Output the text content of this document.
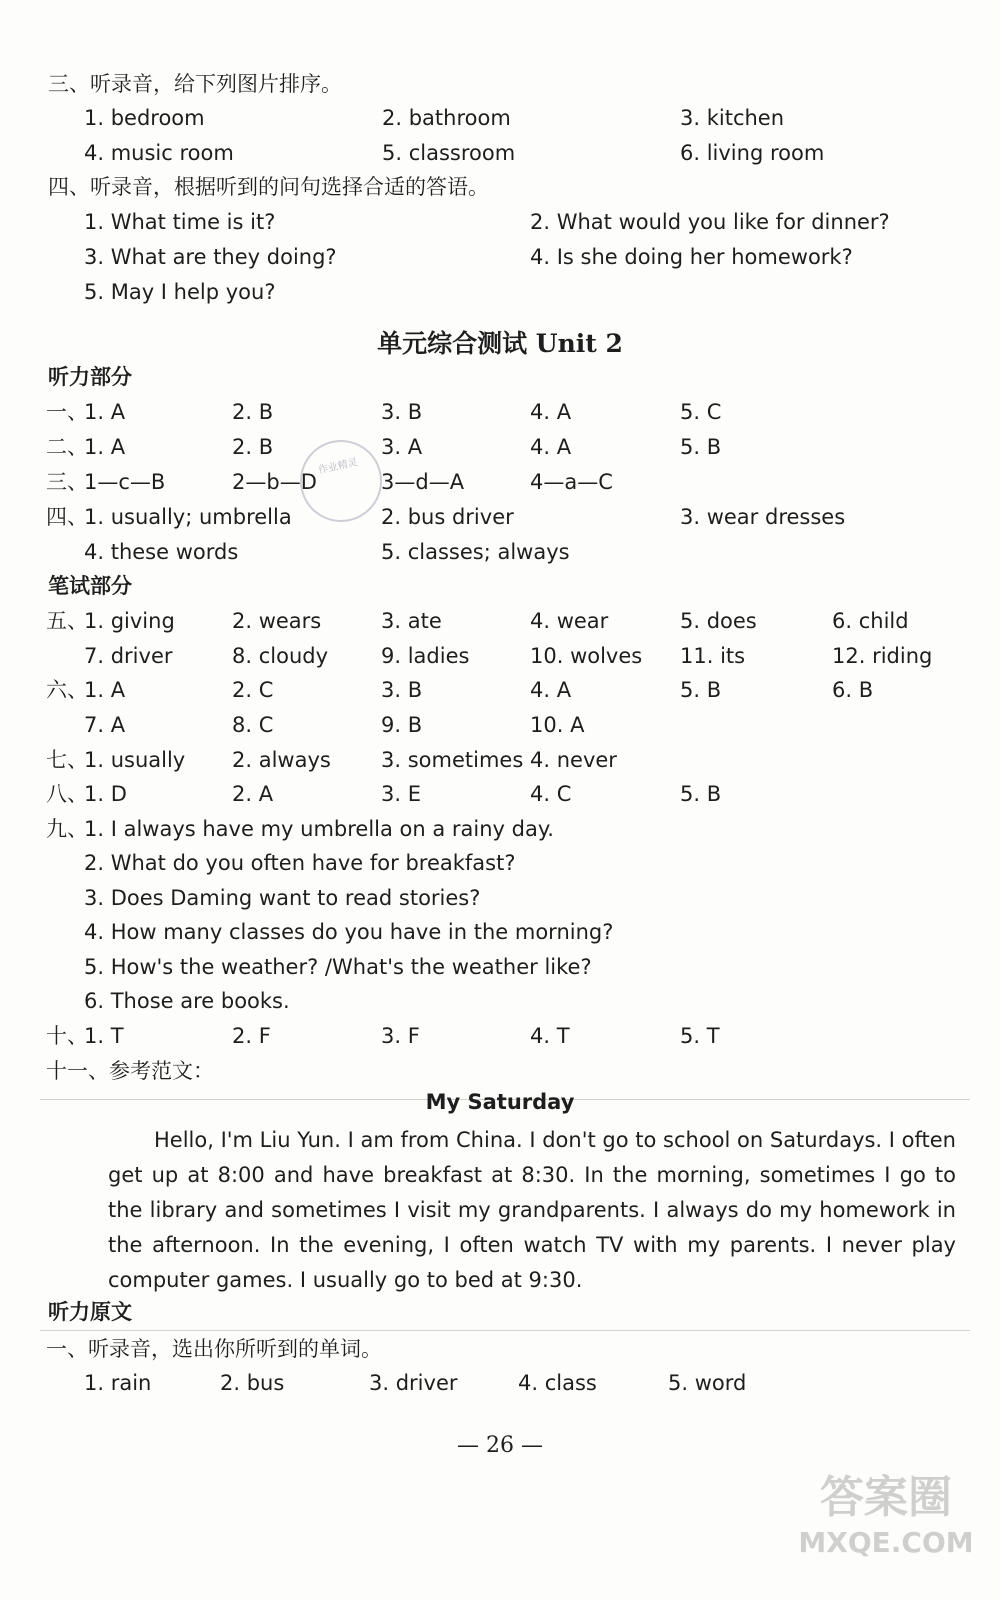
三、听录音，给下列图片排序。
1. bedroom	2. bathroom	3. kitchen
4. music room	5. classroom	6. living room
四、听录音，根据听到的问句选择合适的答语。
1. What time is it?	2. What would you like for dinner?
3. What are they doing?	4. Is she doing her homework?
5. May I help you?
单元综合测试 Unit 2
听力部分
一、
1. A	2. B	3. B	4. A	5. C
二、
1. A	2. B	3. A	4. A	5. B
三、
1—c—B	2—b—D	3—d—A	4—a—C
四、
1. usually; umbrella	2. bus driver	3. wear dresses
4. these words	5. classes; always
作业精灵
笔试部分
五、
1. giving	2. wears	3. ate	4. wear	5. does	6. child
7. driver	8. cloudy	9. ladies	10. wolves 11. its	12. riding
六、
1. A	2. C	3. B	4. A	5. B	6. B
7. A	8. C	9. B	10. A
七、
1. usually 2. always 3. sometimes 4. never
八、
1. D	2. A	3. E	4. C	5. B
九、
1. I always have my umbrella on a rainy day.
2. What do you often have for breakfast?
3. Does Daming want to read stories?
4. How many classes do you have in the morning?
5. How's the weather? /What's the weather like?
6. Those are books.
十、
1. T	2. F	3. F	4. T	5. T
十一、参考范文：
My Saturday
Hello, I'm Liu Yun. I am from China. I don't go to school on Saturdays. I often get up at 8:00 and have breakfast at 8:30. In the morning, sometimes I go to the library and sometimes I visit my grandparents. I always do my homework in the afternoon. In the evening, I often watch TV with my parents. I never play computer games. I usually go to bed at 9:30.
听力原文
一、听录音，选出你所听到的单词。
1. rain	2. bus	3. driver	4. class	5. word
— 26 —
答案圈
MXQE.COM
